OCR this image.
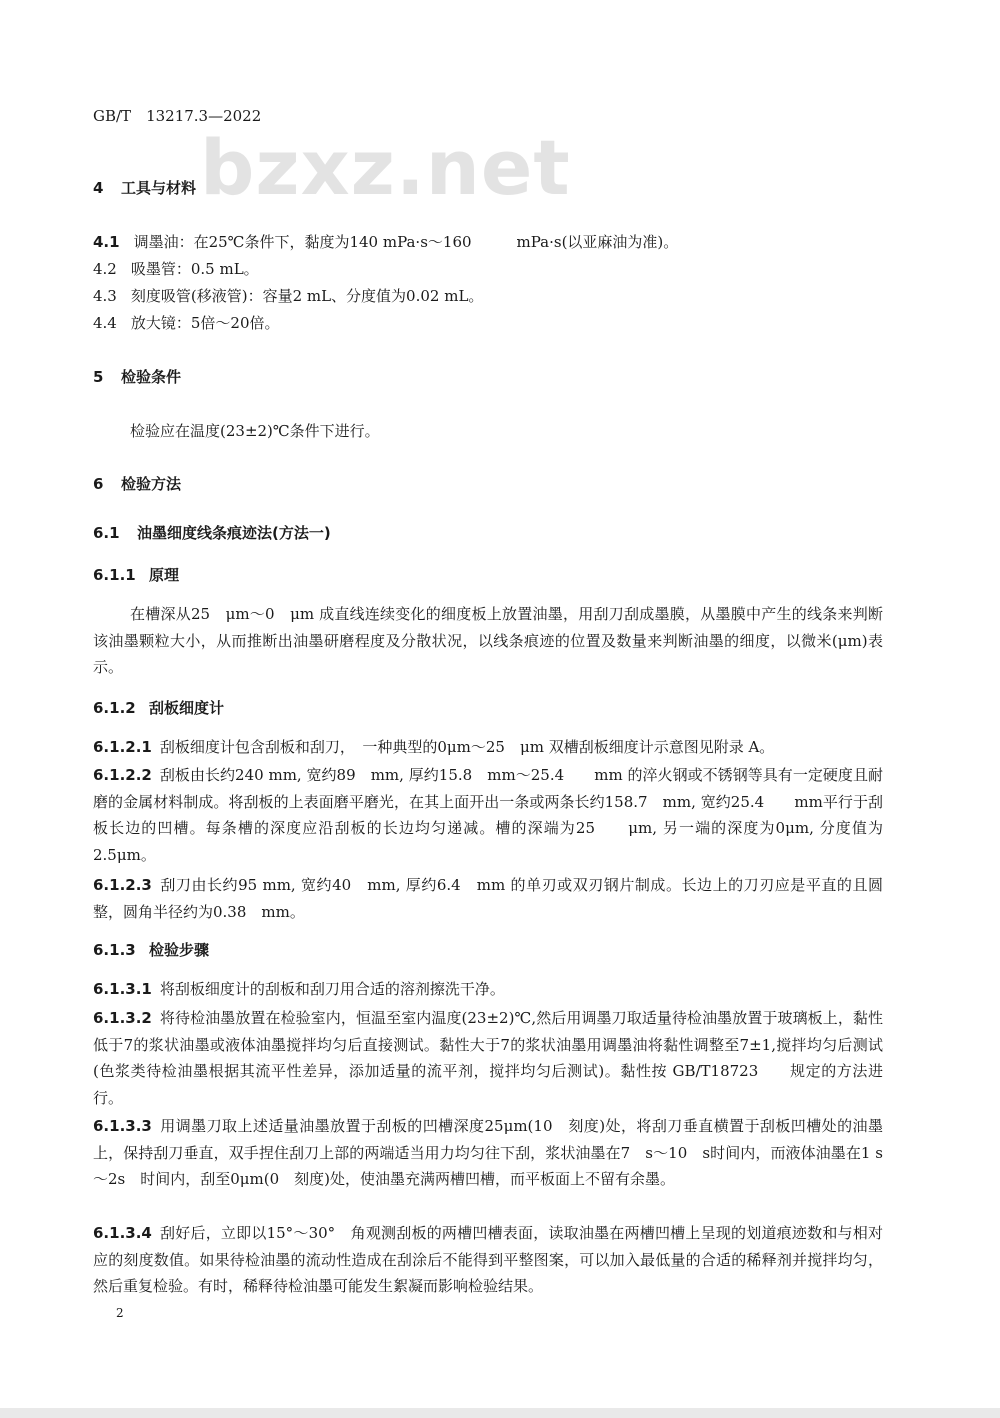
bzxz.net
GB/T　13217.3—2022
4 工具与材料
4.1 调墨油：在25℃条件下，黏度为140 mPa·s～160　　　mPa·s(以亚麻油为准)。
4.2 吸墨管：0.5 mL。
4.3 刻度吸管(移液管)：容量2 mL、分度值为0.02 mL。
4.4 放大镜：5倍～20倍。
5 检验条件
检验应在温度(23±2)℃条件下进行。
6 检验方法
6.1 油墨细度线条痕迹法(方法一)
6.1.1 原理
在槽深从25　μm～0　μm 成直线连续变化的细度板上放置油墨，用刮刀刮成墨膜，从墨膜中产生的线条来判断该油墨颗粒大小，从而推断出油墨研磨程度及分散状况，以线条痕迹的位置及数量来判断油墨的细度，以微米(μm)表示。
6.1.2 刮板细度计
6.1.2.1 刮板细度计包含刮板和刮刀，　一种典型的0μm～25　μm 双槽刮板细度计示意图见附录 A。
6.1.2.2 刮板由长约240 mm, 宽约89　mm, 厚约15.8　mm～25.4　　mm 的淬火钢或不锈钢等具有一定硬度且耐磨的金属材料制成。将刮板的上表面磨平磨光，在其上面开出一条或两条长约158.7　mm, 宽约25.4　　mm平行于刮板长边的凹槽。每条槽的深度应沿刮板的长边均匀递减。槽的深端为25　　μm, 另一端的深度为0μm, 分度值为2.5μm。
6.1.2.3 刮刀由长约95 mm, 宽约40　mm, 厚约6.4　mm 的单刃或双刃钢片制成。长边上的刀刃应是平直的且圆整，圆角半径约为0.38　mm。
6.1.3 检验步骤
6.1.3.1 将刮板细度计的刮板和刮刀用合适的溶剂擦洗干净。
6.1.3.2 将待检油墨放置在检验室内，恒温至室内温度(23±2)℃,然后用调墨刀取适量待检油墨放置于玻璃板上，黏性低于7的浆状油墨或液体油墨搅拌均匀后直接测试。黏性大于7的浆状油墨用调墨油将黏性调整至7±1,搅拌均匀后测试(色浆类待检油墨根据其流平性差异，添加适量的流平剂，搅拌均匀后测试)。黏性按 GB/T18723　　规定的方法进行。
6.1.3.3 用调墨刀取上述适量油墨放置于刮板的凹槽深度25μm(10　刻度)处，将刮刀垂直横置于刮板凹槽处的油墨上，保持刮刀垂直，双手捏住刮刀上部的两端适当用力均匀往下刮，浆状油墨在7　s～10　s时间内，而液体油墨在1 s～2s　时间内，刮至0μm(0　刻度)处，使油墨充满两槽凹槽，而平板面上不留有余墨。
6.1.3.4 刮好后，立即以15°～30°　角观测刮板的两槽凹槽表面，读取油墨在两槽凹槽上呈现的划道痕迹数和与相对应的刻度数值。如果待检油墨的流动性造成在刮涂后不能得到平整图案，可以加入最低量的合适的稀释剂并搅拌均匀，然后重复检验。有时，稀释待检油墨可能发生絮凝而影响检验结果。
2
